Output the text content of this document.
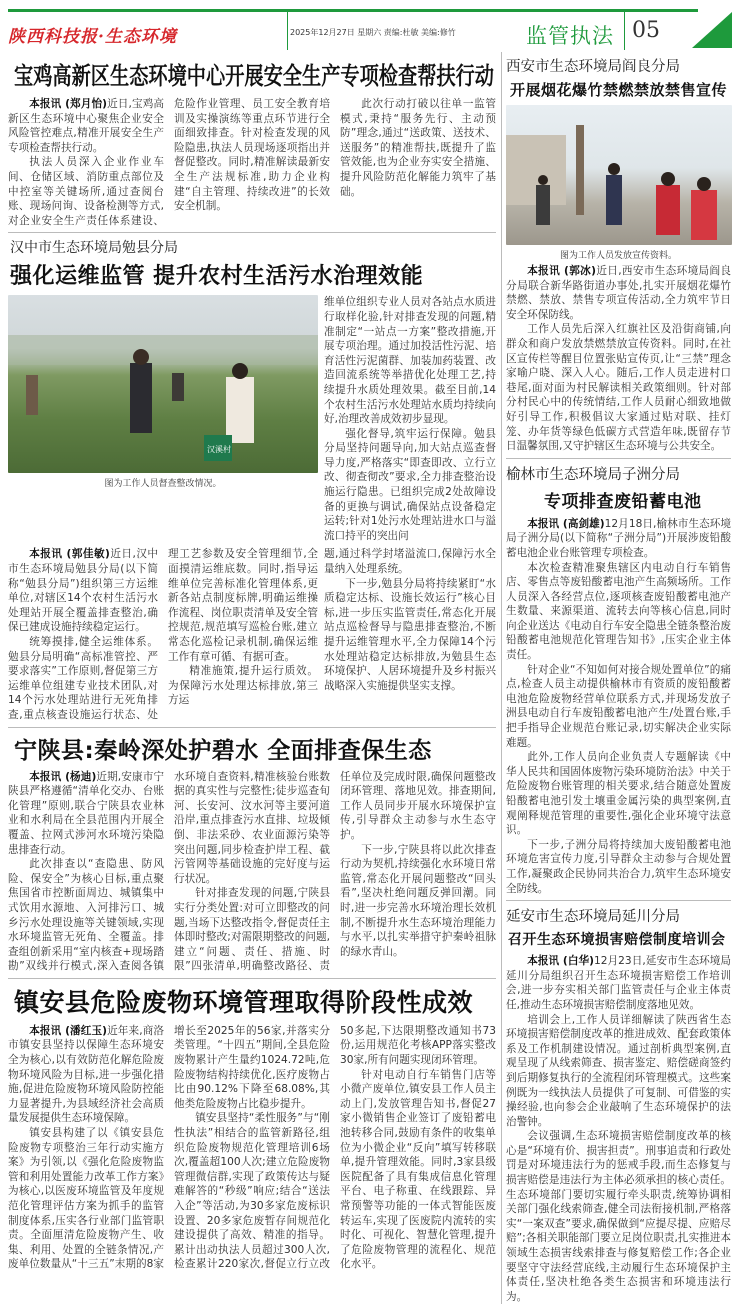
陕西科技报·生态环境	2025年12月27日 星期六 责编:杜敏 美编:修竹	监管执法 05
宝鸡高新区生态环境中心开展安全生产专项检查帮扶行动

本报讯 (郑月怡)近日,宝鸡高新区生态环境中心聚焦企业安全风险管控难点,精准开展安全生产专项检查帮扶行动。

执法人员深入企业作业车间、仓储区域、消防重点部位及中控室等关键场所,通过查阅台账、现场问询、设备检测等方式,对企业安全生产责任体系建设、危险作业管理、员工安全教育培训及实操演练等重点环节进行全面细致排查。针对检查发现的风险隐患,执法人员现场逐项指出并督促整改。同时,精准解读最新安全生产法规标准,助力企业构建“自主管理、持续改进”的长效安全机制。

此次行动打破以往单一监管模式,秉持“服务先行、主动预防”理念,通过“送政策、送技术、送服务”的精准帮扶,既提升了监管效能,也为企业夯实安全措施、提升风险防范化解能力筑牢了基础。

汉中市生态环境局勉县分局
强化运维监管 提升农村生活污水治理效能
汉溪村
图为工作人员督查整改情况。

维单位组织专业人员对各站点水质进行取样化验,针对排查发现的问题,精准制定“一站点一方案”整改措施,开展专项治理。通过加投活性污泥、培育活性污泥菌群、加装加药装置、改造回流系统等举措优化处理工艺,持续提升水质处理效果。截至目前,14个农村生活污水处理站水质均持续向好,治理改善成效初步显现。

强化督导,筑牢运行保障。勉县分局坚持问题导向,加大站点巡查督导力度,严格落实“即查即改、立行立改、彻查彻改”要求,全力排查整治设施运行隐患。已组织完成2处故障设备的更换与调试,确保站点设备稳定运转;针对1处污水处理站进水口与溢流口持平的突出问

本报讯 (郭佳敏)近日,汉中市生态环境局勉县分局(以下简称“勉县分局”)组织第三方运维单位,对辖区14个农村生活污水处理站开展全覆盖排查整治,确保已建成设施持续稳定运行。

统筹摸排,健全运维体系。勉县分局明确“高标准管控、严要求落实”工作原则,督促第三方运维单位组建专业技术团队,对14个污水处理站进行无死角排查,重点核查设施运行状态、处理工艺参数及安全管理细节,全面摸清运维底数。同时,指导运维单位完善标准化管理体系,更新各站点制度标牌,明确运维操作流程、岗位职责清单及安全管控规范,规范填写巡检台账,建立常态化巡检记录机制,确保运维工作有章可循、有据可查。

精准施策,提升运行质效。为保障污水处理达标排放,第三方运

题,通过科学封堵溢流口,保障污水全量纳入处理系统。

下一步,勉县分局将持续紧盯“水质稳定达标、设施长效运行”核心目标,进一步压实监管责任,常态化开展站点巡检督导与隐患排查整治,不断提升运维管理水平,全力保障14个污水处理站稳定达标排放,为勉县生态环境保护、人居环境提升及乡村振兴战略深入实施提供坚实支撑。

宁陕县:秦岭深处护碧水 全面排查保生态

本报讯 (杨迪)近期,安康市宁陕县严格遵循“清单化交办、台账化管理”原则,联合宁陕县农业林业和水利局在全县范围内开展全覆盖、拉网式涉河水环境污染隐患排查行动。

此次排查以“查隐患、防风险、保安全”为核心目标,重点聚焦国省市控断面周边、城镇集中式饮用水源地、入河排污口、城乡污水处理设施等关键领域,实现水环境监管无死角、全覆盖。排查组创新采用“室内核查+现场踏勘”双线并行模式,深入查阅各镇水环境自查资料,精准核验台账数据的真实性与完整性;徒步巡查旬河、长安河、汶水河等主要河道沿岸,重点排查污水直排、垃圾倾倒、非法采砂、农业面源污染等突出问题,同步检查护岸工程、截污管网等基础设施的完好度与运行状况。

针对排查发现的问题,宁陕县实行分类处置:对可立即整改的问题,当场下达整改指令,督促责任主体即时整改;对需限期整改的问题,建立“问题、责任、措施、时限”四张清单,明确整改路径、责任单位及完成时限,确保问题整改闭环管理、落地见效。排查期间,工作人员同步开展水环境保护宣传,引导群众主动参与水生态守护。

下一步,宁陕县将以此次排查行动为契机,持续强化水环境日常监管,常态化开展问题整改“回头看”,坚决杜绝问题反弹回潮。同时,进一步完善水环境治理长效机制,不断提升水生态环境治理能力与水平,以扎实举措守护秦岭祖脉的绿水青山。

镇安县危险废物环境管理取得阶段性成效

本报讯 (潘红玉)近年来,商洛市镇安县坚持以保障生态环境安全为核心,以有效防范化解危险废物环境风险为目标,进一步强化措施,促进危险废物环境风险防控能力显著提升,为县域经济社会高质量发展提供生态环境保障。

镇安县构建了以《镇安县危险废物专项整治三年行动实施方案》为引领,以《强化危险废物监管和利用处置能力改革工作方案》为核心,以医废环境监管及年度规范化管理评估方案为抓手的监管制度体系,压实各行业部门监管职责。全面厘清危险废物产生、收集、利用、处置的全链条情况,产废单位数量从“十三五”末期的8家增长至2025年的56家,并落实分类管理。“十四五”期间,全县危险废物累计产生量约1024.72吨,危险废物结构持续优化,医疗废物占比由90.12%下降至68.08%,其他类危险废物占比稳步提升。

镇安县坚持“柔性服务”与“刚性执法”相结合的监管新路径,组织危险废物规范化管理培训6场次,覆盖超100人次;建立危险废物管理微信群,实现了政策传达与疑难解答的“秒级”响应;结合“送法入企”等活动,为30多家危废标识设置、20多家危废暂存间规范化建设提供了高效、精准的指导。累计出动执法人员超过300人次,检查累计220家次,督促立行立改50多起,下达限期整改通知书73份,运用规范化考核APP落实整改30家,所有问题实现闭环管理。

针对电动自行车销售门店等小微产废单位,镇安县工作人员主动上门,发放管理告知书,督促27家小微销售企业签订了废铅蓄电池转移合同,鼓励有条件的收集单位为小微企业“反向”填写转移联单,提升管理效能。同时,3家县级医院配备了具有集成信息化管理平台、电子称重、在线跟踪、异常预警等功能的一体式智能医废转运车,实现了医废院内流转的实时化、可视化、智慧化管理,提升了危险废物管理的流程化、规范化水平。

西安市生态环境局阎良分局
开展烟花爆竹禁燃禁放禁售宣传
图为工作人员发放宣传资料。

本报讯 (郭冰)近日,西安市生态环境局阎良分局联合新华路街道办事处,扎实开展烟花爆竹禁燃、禁放、禁售专项宣传活动,全力筑牢节日安全环保防线。

工作人员先后深入红旗社区及沿街商铺,向群众和商户发放禁燃禁放宣传资料。同时,在社区宣传栏等醒目位置张贴宣传页,让“三禁”理念家喻户晓、深入人心。随后,工作人员走进村口巷尾,面对面为村民解读相关政策细则。针对部分村民心中的传统情结,工作人员耐心细致地做好引导工作,积极倡议大家通过贴对联、挂灯笼、办年货等绿色低碳方式营造年味,既留存节日温馨氛围,又守护辖区生态环境与公共安全。

榆林市生态环境局子洲分局
专项排查废铅蓄电池

本报讯 (高剑雄)12月18日,榆林市生态环境局子洲分局(以下简称“子洲分局”)开展涉废铅酸蓄电池企业台账管理专项检查。

本次检查精准聚焦辖区内电动自行车销售店、零售点等废铅酸蓄电池产生高频场所。工作人员深入各经营点位,逐项核查废铅酸蓄电池产生数量、来源渠道、流转去向等核心信息,同时向企业送达《电动自行车安全隐患全链条整治废铅酸蓄电池规范化管理告知书》,压实企业主体责任。

针对企业“不知如何对接合规处置单位”的痛点,检查人员主动提供榆林市有资质的废铅酸蓄电池危险废物经营单位联系方式,并现场发放子洲县电动自行车废铅酸蓄电池产生/处置台账,手把手指导企业规范台账记录,切实解决企业实际难题。

此外,工作人员向企业负责人专题解读《中华人民共和国固体废物污染环境防治法》中关于危险废物台账管理的相关要求,结合随意处置废铅酸蓄电池引发土壤重金属污染的典型案例,直观阐释规范管理的重要性,强化企业环境守法意识。

下一步,子洲分局将持续加大废铅酸蓄电池环境危害宣传力度,引导群众主动参与合规处置工作,凝聚政企民协同共治合力,筑牢生态环境安全防线。

延安市生态环境局延川分局
召开生态环境损害赔偿制度培训会

本报讯 (白华)12月23日,延安市生态环境局延川分局组织召开生态环境损害赔偿工作培训会,进一步夯实相关部门监管责任与企业主体责任,推动生态环境损害赔偿制度落地见效。

培训会上,工作人员详细解读了陕西省生态环境损害赔偿制度改革的推进成效、配套政策体系及工作机制建设情况。通过剖析典型案例,直观呈现了从线索筛查、损害鉴定、赔偿磋商签约到后期修复执行的全流程闭环管理模式。这些案例既为一线执法人员提供了可复制、可借鉴的实操经验,也向参会企业敲响了生态环境保护的法治警钟。

会议强调,生态环境损害赔偿制度改革的核心是“环境有价、损害担责”。刑事追责和行政处罚是对环境违法行为的惩戒手段,而生态修复与损害赔偿是违法行为主体必须承担的核心责任。生态环境部门要切实履行牵头职责,统筹协调相关部门强化线索筛查,健全司法衔接机制,严格落实“一案双查”要求,确保做到“应提尽提、应赔尽赔”;各相关职能部门要立足岗位职责,扎实推进本领域生态损害线索排查与修复赔偿工作;各企业要坚守守法经营底线,主动履行生态环境保护主体责任,坚决杜绝各类生态损害和环境违法行为。
